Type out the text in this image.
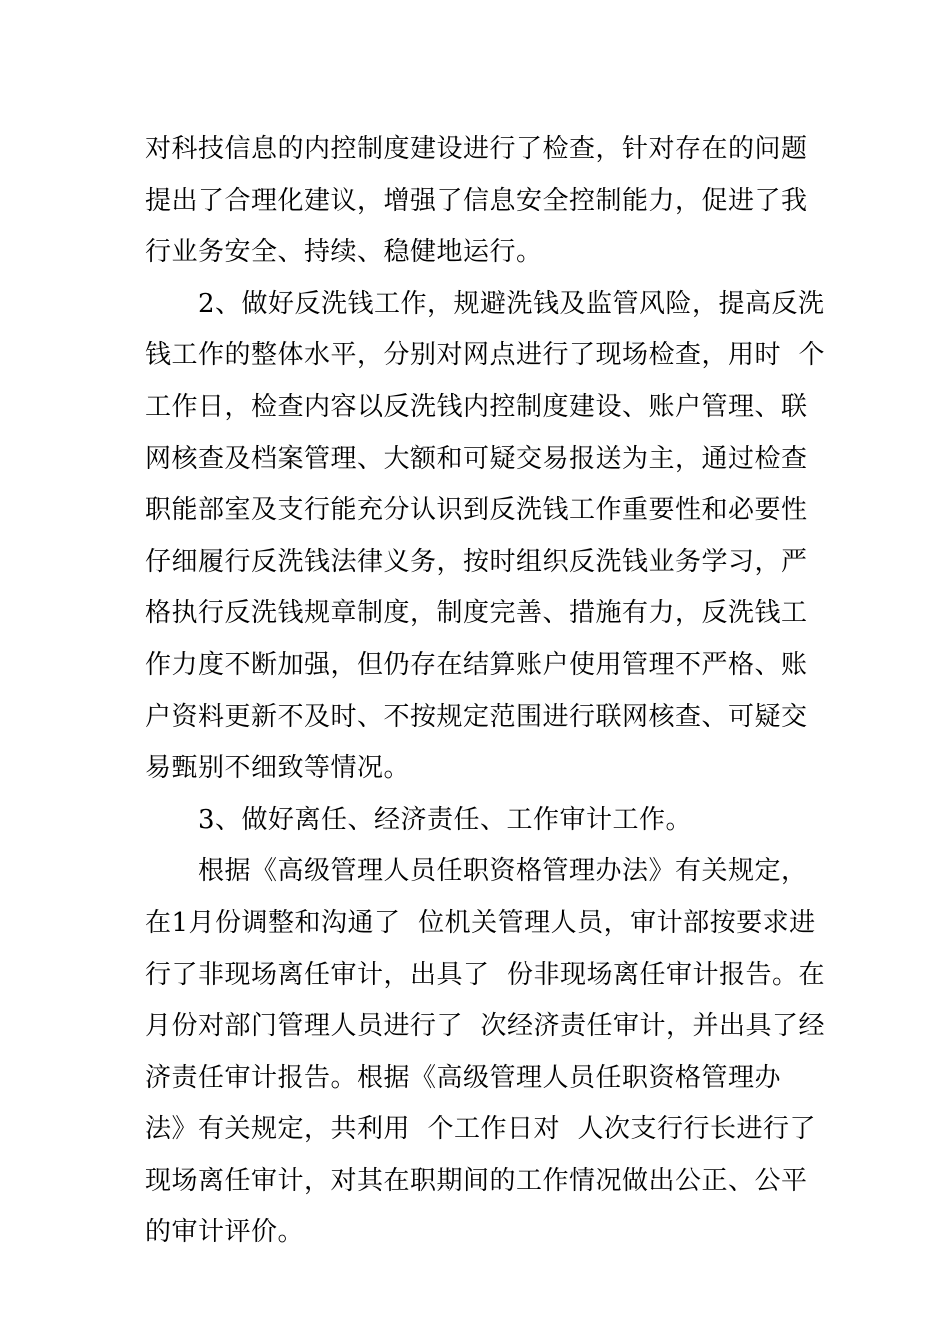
对科技信息的内控制度建设进行了检查，针对存在的问题
提出了合理化建议，增强了信息安全控制能力，促进了我
行业务安全、持续、稳健地运行。
2、做好反洗钱工作，规避洗钱及监管风险，提高反洗
钱工作的整体水平，分别对网点进行了现场检查，用时  个
工作日，检查内容以反洗钱内控制度建设、账户管理、联
网核查及档案管理、大额和可疑交易报送为主，通过检查
职能部室及支行能充分认识到反洗钱工作重要性和必要性
仔细履行反洗钱法律义务，按时组织反洗钱业务学习，严
格执行反洗钱规章制度，制度完善、措施有力，反洗钱工
作力度不断加强，但仍存在结算账户使用管理不严格、账
户资料更新不及时、不按规定范围进行联网核查、可疑交
易甄别不细致等情况。
3、做好离任、经济责任、工作审计工作。
根据《高级管理人员任职资格管理办法》有关规定，
在1月份调整和沟通了  位机关管理人员，审计部按要求进
行了非现场离任审计，出具了  份非现场离任审计报告。在
月份对部门管理人员进行了  次经济责任审计，并出具了经
济责任审计报告。根据《高级管理人员任职资格管理办
法》有关规定，共利用  个工作日对  人次支行行长进行了
现场离任审计，对其在职期间的工作情况做出公正、公平
的审计评价。
